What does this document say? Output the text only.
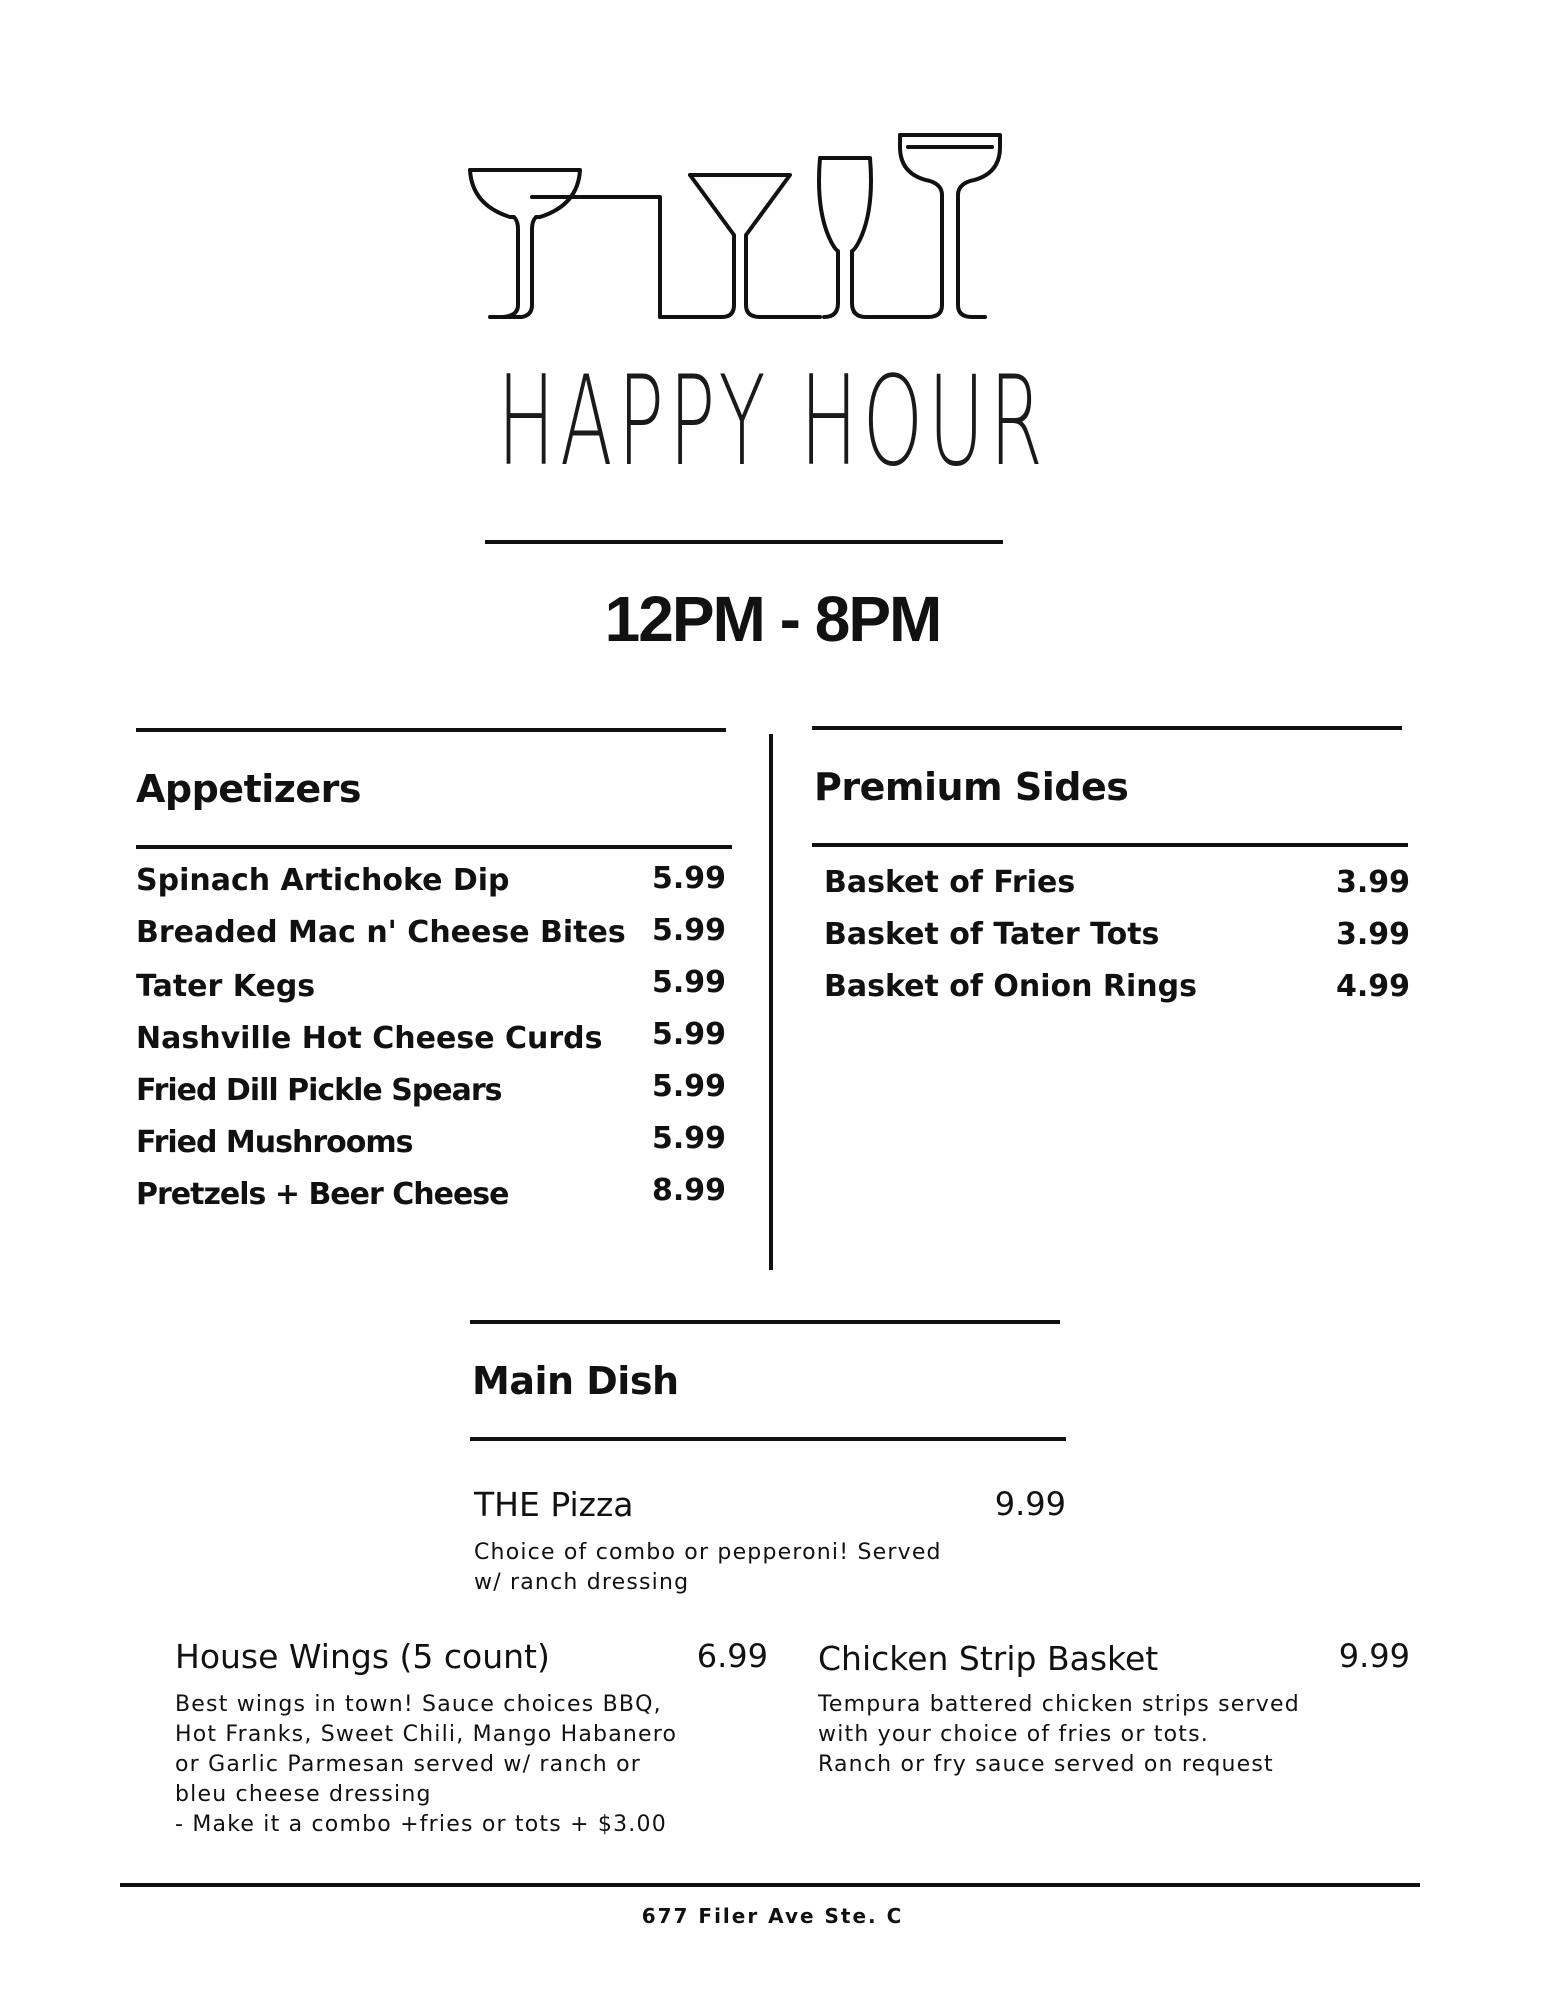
HAPPY HOUR
12PM - 8PM
Appetizers
Spinach Artichoke Dip	5.99
Breaded Mac n' Cheese Bites 5.99
Tater Kegs	5.99
Nashville Hot Cheese Curds	5.99
Fried Dill Pickle Spears	5.99
Fried Mushrooms	5.99
Pretzels + Beer Cheese	8.99
Premium Sides
Basket of Fries	3.99
Basket of Tater Tots	3.99
Basket of Onion Rings	4.99
Main Dish
THE Pizza	9.99
Choice of combo or pepperoni! Served
w/ ranch dressing
House Wings (5 count)	6.99
Best wings in town! Sauce choices BBQ,
Hot Franks, Sweet Chili, Mango Habanero
or Garlic Parmesan served w/ ranch or
bleu cheese dressing
- Make it a combo +fries or tots + $3.00
Chicken Strip Basket	9.99
Tempura battered chicken strips served
with your choice of fries or tots.
Ranch or fry sauce served on request
677 Filer Ave Ste. C
